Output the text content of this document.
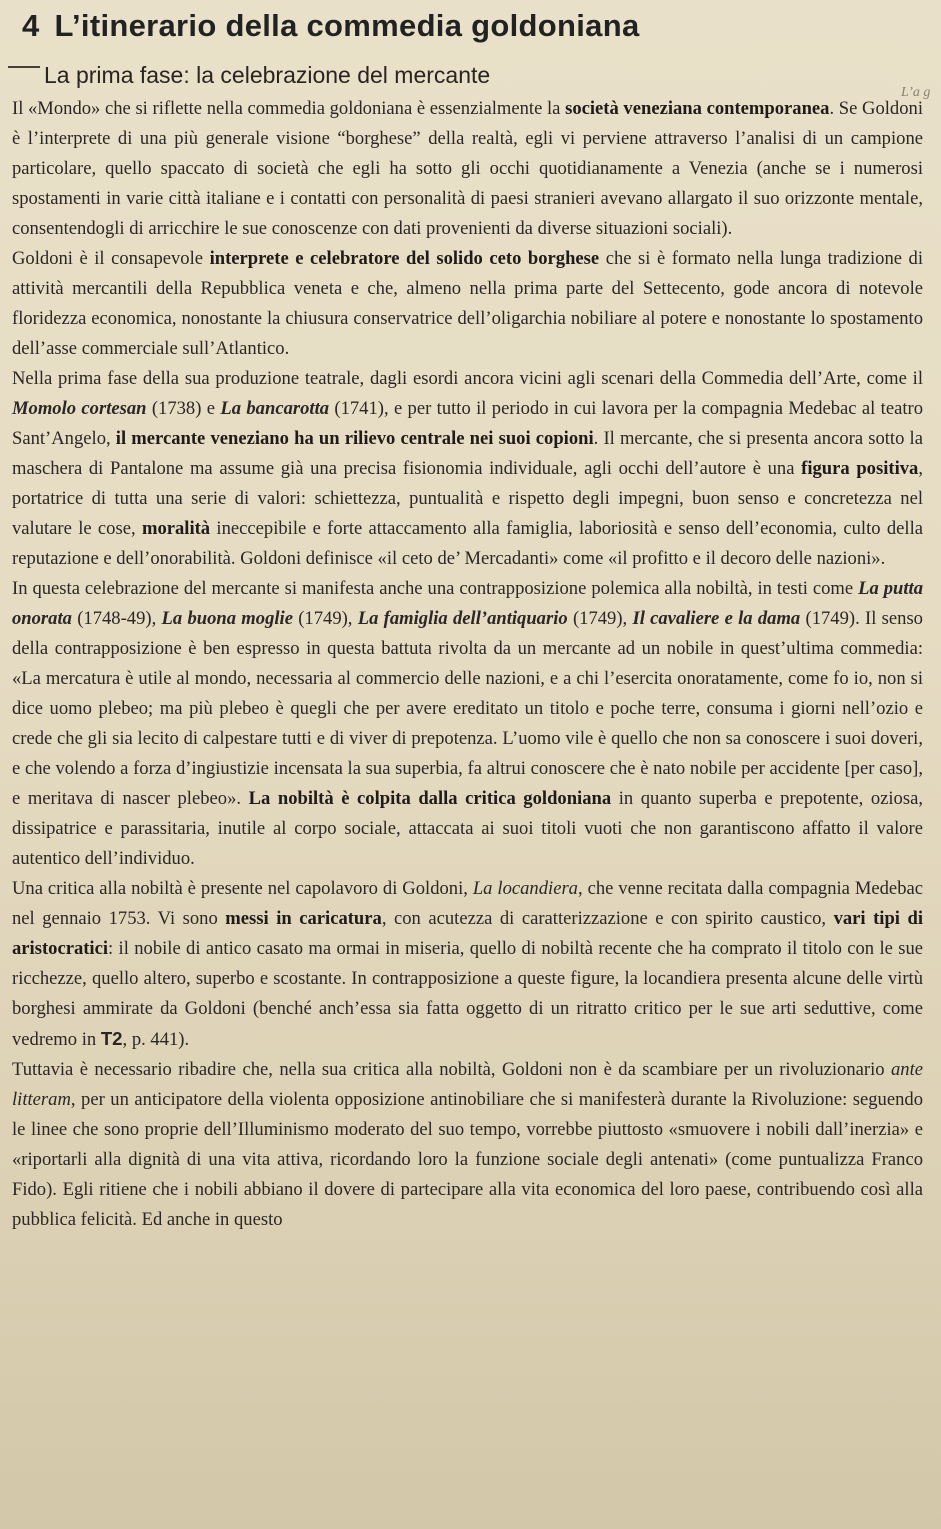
4 L’itinerario della commedia goldoniana
La prima fase: la celebrazione del mercante
L’a g

Il «Mondo» che si riflette nella commedia goldoniana è essenzialmente la società veneziana contemporanea. Se Goldoni è l’interprete di una più generale visione “borghese” della realtà, egli vi perviene attraverso l’analisi di un campione particolare, quello spaccato di società che egli ha sotto gli occhi quotidianamente a Venezia (anche se i numerosi spostamenti in varie città italiane e i contatti con personalità di paesi stranieri avevano allargato il suo orizzonte mentale, consentendogli di arricchire le sue conoscenze con dati provenienti da diverse situazioni sociali).

Goldoni è il consapevole interprete e celebratore del solido ceto borghese che si è formato nella lunga tradizione di attività mercantili della Repubblica veneta e che, almeno nella prima parte del Settecento, gode ancora di notevole floridezza economica, nonostante la chiusura conservatrice dell’oligarchia nobiliare al potere e nonostante lo spostamento dell’asse commerciale sull’Atlantico.

Nella prima fase della sua produzione teatrale, dagli esordi ancora vicini agli scenari della Commedia dell’Arte, come il Momolo cortesan (1738) e La bancarotta (1741), e per tutto il periodo in cui lavora per la compagnia Medebac al teatro Sant’Angelo, il mercante veneziano ha un rilievo centrale nei suoi copioni. Il mercante, che si presenta ancora sotto la maschera di Pantalone ma assume già una precisa fisionomia individuale, agli occhi dell’autore è una figura positiva, portatrice di tutta una serie di valori: schiettezza, puntualità e rispetto degli impegni, buon senso e concretezza nel valutare le cose, moralità ineccepibile e forte attaccamento alla famiglia, laboriosità e senso dell’economia, culto della reputazione e dell’onorabilità. Goldoni definisce «il ceto de’ Mercadanti» come «il profitto e il decoro delle nazioni».

In questa celebrazione del mercante si manifesta anche una contrapposizione polemica alla nobiltà, in testi come La putta onorata (1748-49), La buona moglie (1749), La famiglia dell’antiquario (1749), Il cavaliere e la dama (1749). Il senso della contrapposizione è ben espresso in questa battuta rivolta da un mercante ad un nobile in quest’ultima commedia: «La mercatura è utile al mondo, necessaria al commercio delle nazioni, e a chi l’esercita onoratamente, come fo io, non si dice uomo plebeo; ma più plebeo è quegli che per avere ereditato un titolo e poche terre, consuma i giorni nell’ozio e crede che gli sia lecito di calpestare tutti e di viver di prepotenza. L’uomo vile è quello che non sa conoscere i suoi doveri, e che volendo a forza d’ingiustizie incensata la sua superbia, fa altrui conoscere che è nato nobile per accidente [per caso], e meritava di nascer plebeo». La nobiltà è colpita dalla critica goldoniana in quanto superba e prepotente, oziosa, dissipatrice e parassitaria, inutile al corpo sociale, attaccata ai suoi titoli vuoti che non garantiscono affatto il valore autentico dell’individuo.

Una critica alla nobiltà è presente nel capolavoro di Goldoni, La locandiera, che venne recitata dalla compagnia Medebac nel gennaio 1753. Vi sono messi in caricatura, con acutezza di caratterizzazione e con spirito caustico, vari tipi di aristocratici: il nobile di antico casato ma ormai in miseria, quello di nobiltà recente che ha comprato il titolo con le sue ricchezze, quello altero, superbo e scostante. In contrapposizione a queste figure, la locandiera presenta alcune delle virtù borghesi ammirate da Goldoni (benché anch’essa sia fatta oggetto di un ritratto critico per le sue arti seduttive, come vedremo in T2, p. 441).

Tuttavia è necessario ribadire che, nella sua critica alla nobiltà, Goldoni non è da scambiare per un rivoluzionario ante litteram, per un anticipatore della violenta opposizione antinobiliare che si manifesterà durante la Rivoluzione: seguendo le linee che sono proprie dell’Illuminismo moderato del suo tempo, vorrebbe piuttosto «smuovere i nobili dall’inerzia» e «riportarli alla dignità di una vita attiva, ricordando loro la funzione sociale degli antenati» (come puntualizza Franco Fido). Egli ritiene che i nobili abbiano il dovere di partecipare alla vita economica del loro paese, contribuendo così alla pubblica felicità. Ed anche in questo
